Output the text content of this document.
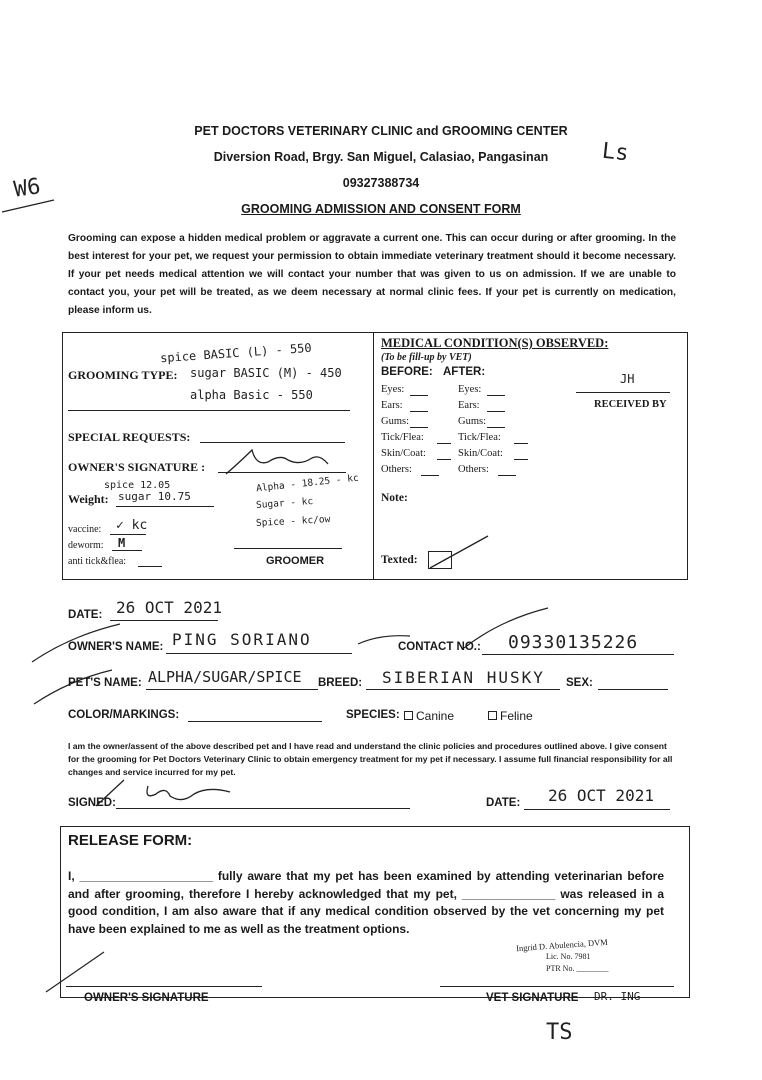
W6
Ls
PET DOCTORS VETERINARY CLINIC and GROOMING CENTER
Diversion Road, Brgy. San Miguel, Calasiao, Pangasinan
09327388734
GROOMING ADMISSION AND CONSENT FORM
Grooming can expose a hidden medical problem or aggravate a current one. This can occur during or after grooming. In the best interest for your pet, we request your permission to obtain immediate veterinary treatment should it become necessary. If your pet needs medical attention we will contact your number that was given to us on admission. If we are unable to contact you, your pet will be treated, as we deem necessary at normal clinic fees. If your pet is currently on medication, please inform us.
GROOMING TYPE:
spice BASIC (L) - 550
sugar BASIC (M) - 450
alpha Basic - 550
SPECIAL REQUESTS:
OWNER'S SIGNATURE :
spice 12.05
Weight: sugar 10.75
Alpha - 18.25 - kc
Sugar - kc
Spice - kc/ow
vaccine: ✓ kc
deworm: M
anti tick&flea:	GROOMER
MEDICAL CONDITION(S) OBSERVED:
(To be fill-up by VET)
BEFORE: AFTER:
Eyes:	Eyes:
Ears:	Ears:
Gums:	Gums:
Tick/Flea:	Tick/Flea:
Skin/Coat:	Skin/Coat:
Others:	Others:
JH
RECEIVED BY
Note:
Texted:
DATE: 26 OCT 2021
OWNER'S NAME: PING SORIANO	CONTACT NO.: 09330135226
PET'S NAME: ALPHA/SUGAR/SPICE BREED: SIBERIAN HUSKY SEX:
COLOR/MARKINGS:	SPECIES:	Canine	Feline
I am the owner/assent of the above described pet and I have read and understand the clinic policies and procedures outlined above. I give consent for the grooming for Pet Doctors Veterinary Clinic to obtain emergency treatment for my pet if necessary. I assume full financial responsibility for all changes and service incurred for my pet.
SIGNED:	DATE: 26 OCT 2021
RELEASE FORM:
I, ____________________ fully aware that my pet has been examined by attending veterinarian before and after grooming, therefore I hereby acknowledged that my pet, ______________ was released in a good condition, I am also aware that if any medical condition observed by the vet concerning my pet have been explained to me as well as the treatment options.
Ingrid D. Abulencia, DVM
Lic. No. 7981
PTR No. ________
OWNER'S SIGNATURE	VET SIGNATURE DR. ING
TS
